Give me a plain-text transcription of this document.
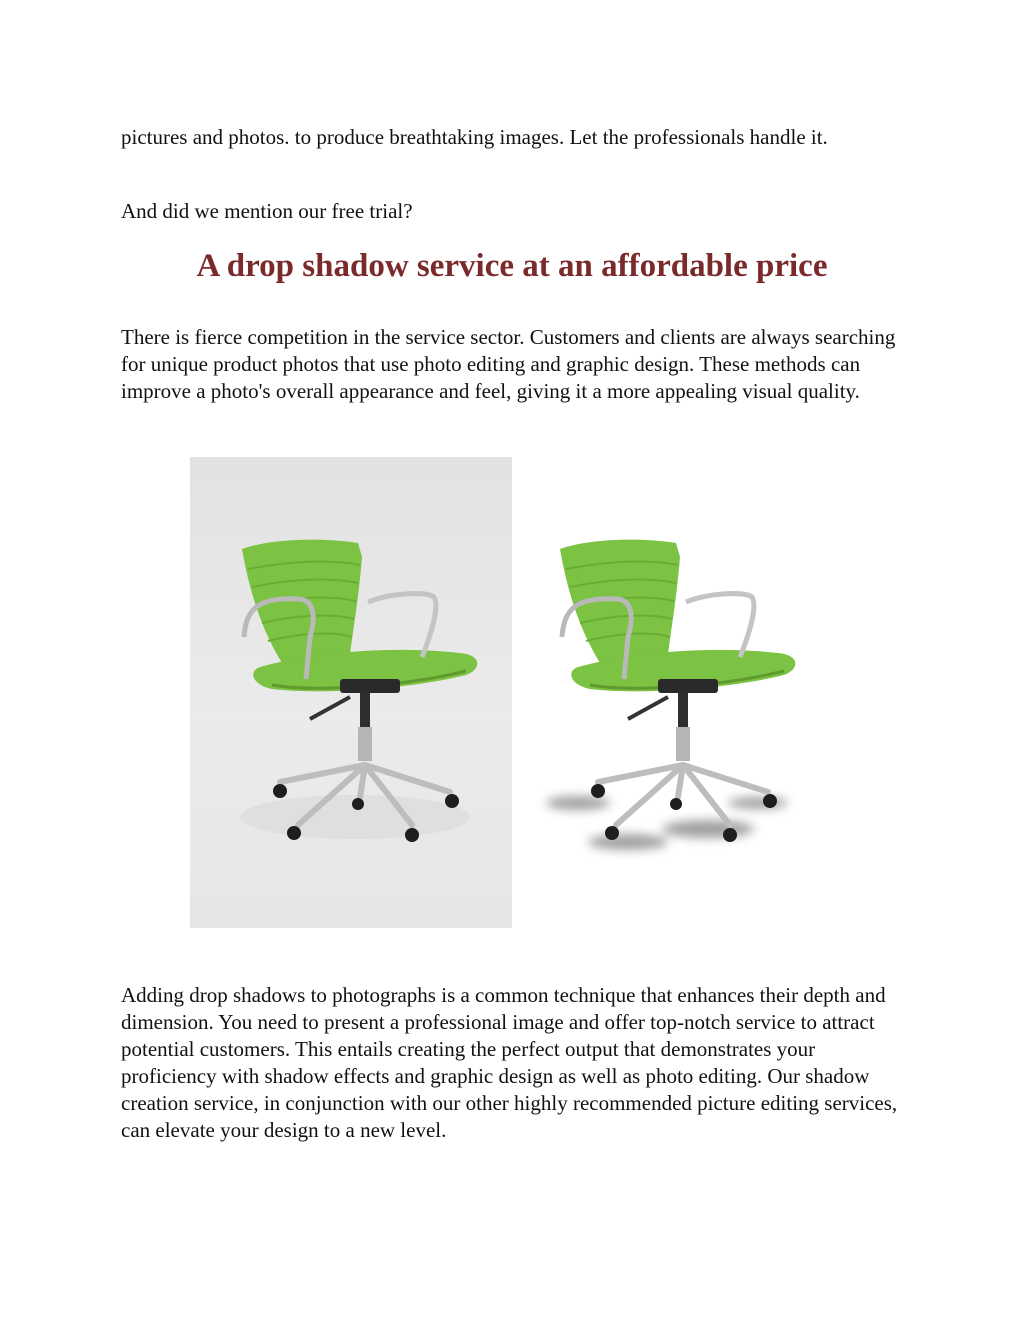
pictures and photos. to produce breathtaking images. Let the professionals handle it.

And did we mention our free trial?

A drop shadow service at an affordable price

There is fierce competition in the service sector. Customers and clients are always searching for unique product photos that use photo editing and graphic design. These methods can improve a photo's overall appearance and feel, giving it a more appealing visual quality.

Adding drop shadows to photographs is a common technique that enhances their depth and dimension. You need to present a professional image and offer top-notch service to attract potential customers. This entails creating the perfect output that demonstrates your proficiency with shadow effects and graphic design as well as photo editing. Our shadow creation service, in conjunction with our other highly recommended picture editing services, can elevate your design to a new level.
